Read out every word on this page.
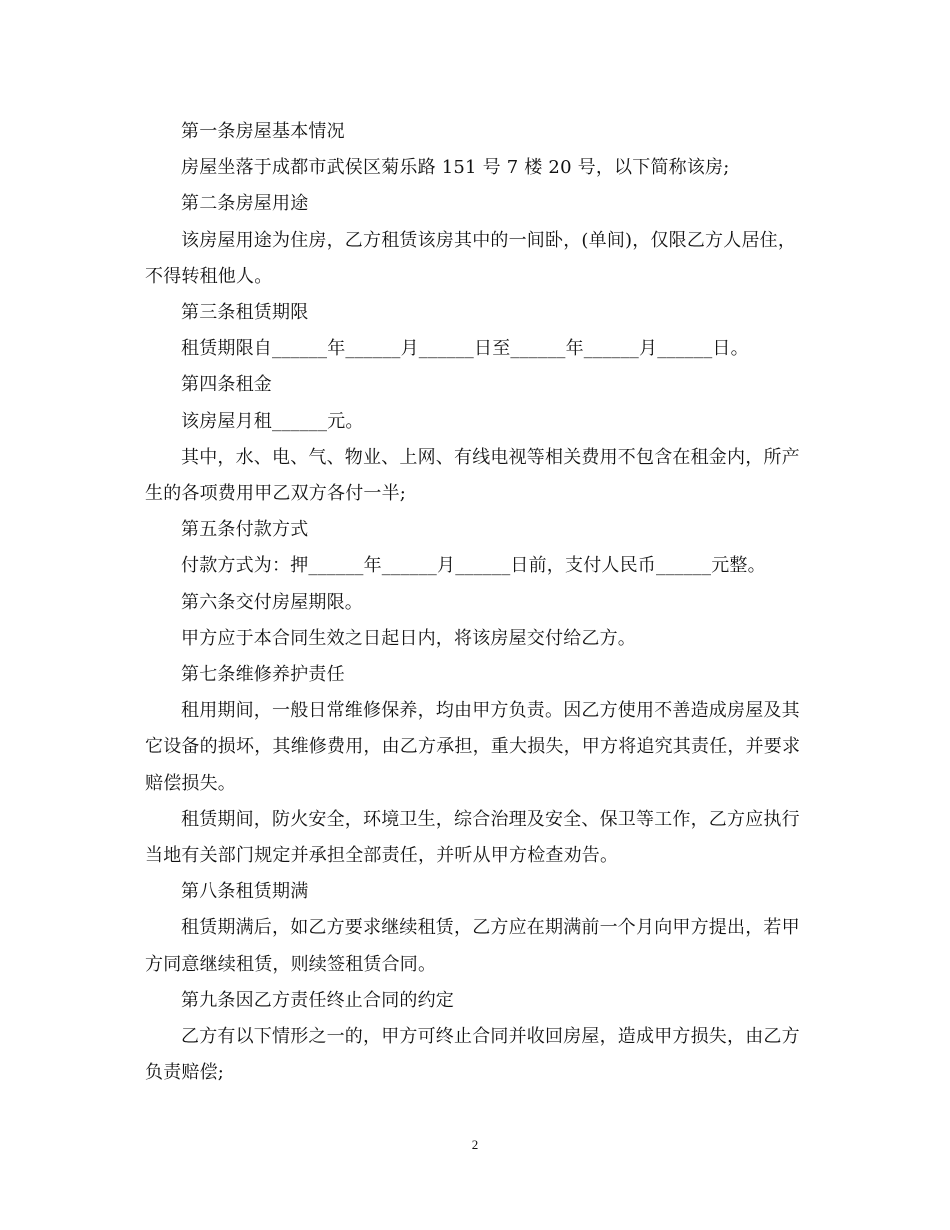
第一条房屋基本情况

房屋坐落于成都市武侯区菊乐路 151 号 7 楼 20 号，以下简称该房;

第二条房屋用途

该房屋用途为住房，乙方租赁该房其中的一间卧，(单间)，仅限乙方人居住，不得转租他人。

第三条租赁期限

租赁期限自______年______月______日至______年______月______日。

第四条租金

该房屋月租______元。

其中，水、电、气、物业、上网、有线电视等相关费用不包含在租金内，所产生的各项费用甲乙双方各付一半;

第五条付款方式

付款方式为：押______年______月______日前，支付人民币______元整。

第六条交付房屋期限。

甲方应于本合同生效之日起日内，将该房屋交付给乙方。

第七条维修养护责任

租用期间，一般日常维修保养，均由甲方负责。因乙方使用不善造成房屋及其它设备的损坏，其维修费用，由乙方承担，重大损失，甲方将追究其责任，并要求赔偿损失。

租赁期间，防火安全，环境卫生，综合治理及安全、保卫等工作，乙方应执行当地有关部门规定并承担全部责任，并听从甲方检查劝告。

第八条租赁期满

租赁期满后，如乙方要求继续租赁，乙方应在期满前一个月向甲方提出，若甲方同意继续租赁，则续签租赁合同。

第九条因乙方责任终止合同的约定

乙方有以下情形之一的，甲方可终止合同并收回房屋，造成甲方损失，由乙方负责赔偿;

2
